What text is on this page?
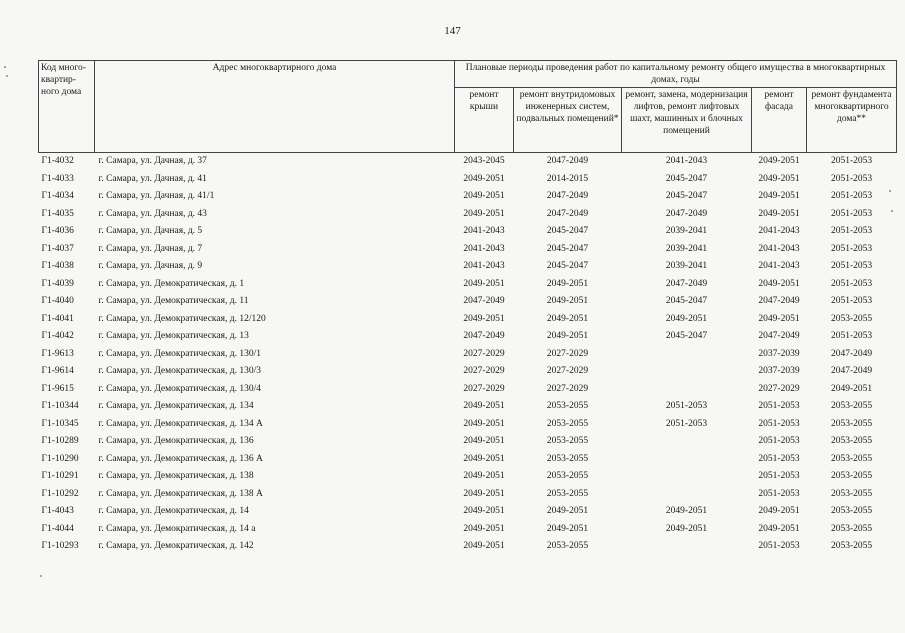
147
Код много-квартир-ного дома	Адрес многоквартирного дома	Плановые периоды проведения работ по капитальному ремонту общего имущества в многоквартирных домах, годы				
		ремонт крыши	ремонт внутридомовых инженерных систем, подвальных помещений*	ремонт, замена, модернизация лифтов, ремонт лифтовых шахт, машинных и блочных помещений	ремонт фасада	ремонт фундамента многоквартирного дома**
Г1-4032	г. Самара, ул. Дачная, д. 37	2043-2045	2047-2049	2041-2043	2049-2051	2051-2053
Г1-4033	г. Самара, ул. Дачная, д. 41	2049-2051	2014-2015	2045-2047	2049-2051	2051-2053
Г1-4034	г. Самара, ул. Дачная, д. 41/1	2049-2051	2047-2049	2045-2047	2049-2051	2051-2053
Г1-4035	г. Самара, ул. Дачная, д. 43	2049-2051	2047-2049	2047-2049	2049-2051	2051-2053
Г1-4036	г. Самара, ул. Дачная, д. 5	2041-2043	2045-2047	2039-2041	2041-2043	2051-2053
Г1-4037	г. Самара, ул. Дачная, д. 7	2041-2043	2045-2047	2039-2041	2041-2043	2051-2053
Г1-4038	г. Самара, ул. Дачная, д. 9	2041-2043	2045-2047	2039-2041	2041-2043	2051-2053
Г1-4039	г. Самара, ул. Демократическая, д. 1	2049-2051	2049-2051	2047-2049	2049-2051	2051-2053
Г1-4040	г. Самара, ул. Демократическая, д. 11	2047-2049	2049-2051	2045-2047	2047-2049	2051-2053
Г1-4041	г. Самара, ул. Демократическая, д. 12/120	2049-2051	2049-2051	2049-2051	2049-2051	2053-2055
Г1-4042	г. Самара, ул. Демократическая, д. 13	2047-2049	2049-2051	2045-2047	2047-2049	2051-2053
Г1-9613	г. Самара, ул. Демократическая, д. 130/1	2027-2029	2027-2029		2037-2039	2047-2049
Г1-9614	г. Самара, ул. Демократическая, д. 130/3	2027-2029	2027-2029		2037-2039	2047-2049
Г1-9615	г. Самара, ул. Демократическая, д. 130/4	2027-2029	2027-2029		2027-2029	2049-2051
Г1-10344	г. Самара, ул. Демократическая, д. 134	2049-2051	2053-2055	2051-2053	2051-2053	2053-2055
Г1-10345	г. Самара, ул. Демократическая, д. 134 А	2049-2051	2053-2055	2051-2053	2051-2053	2053-2055
Г1-10289	г. Самара, ул. Демократическая, д. 136	2049-2051	2053-2055		2051-2053	2053-2055
Г1-10290	г. Самара, ул. Демократическая, д. 136 А	2049-2051	2053-2055		2051-2053	2053-2055
Г1-10291	г. Самара, ул. Демократическая, д. 138	2049-2051	2053-2055		2051-2053	2053-2055
Г1-10292	г. Самара, ул. Демократическая, д. 138 А	2049-2051	2053-2055		2051-2053	2053-2055
Г1-4043	г. Самара, ул. Демократическая, д. 14	2049-2051	2049-2051	2049-2051	2049-2051	2053-2055
Г1-4044	г. Самара, ул. Демократическая, д. 14 а	2049-2051	2049-2051	2049-2051	2049-2051	2053-2055
Г1-10293	г. Самара, ул. Демократическая, д. 142	2049-2051	2053-2055		2051-2053	2053-2055
